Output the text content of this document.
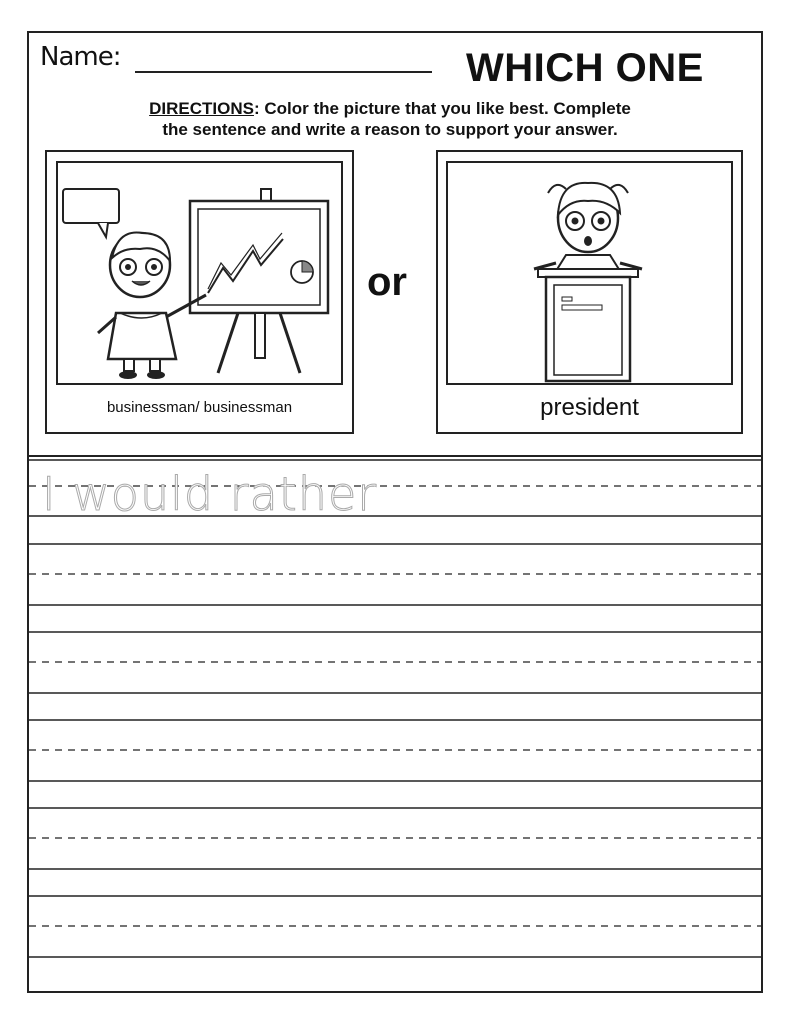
Name:	WHICH ONE
DIRECTIONS: Color the picture that you like best. Complete
the sentence and write a reason to support your answer.
businessman/ businessman
or
president
I would rather
